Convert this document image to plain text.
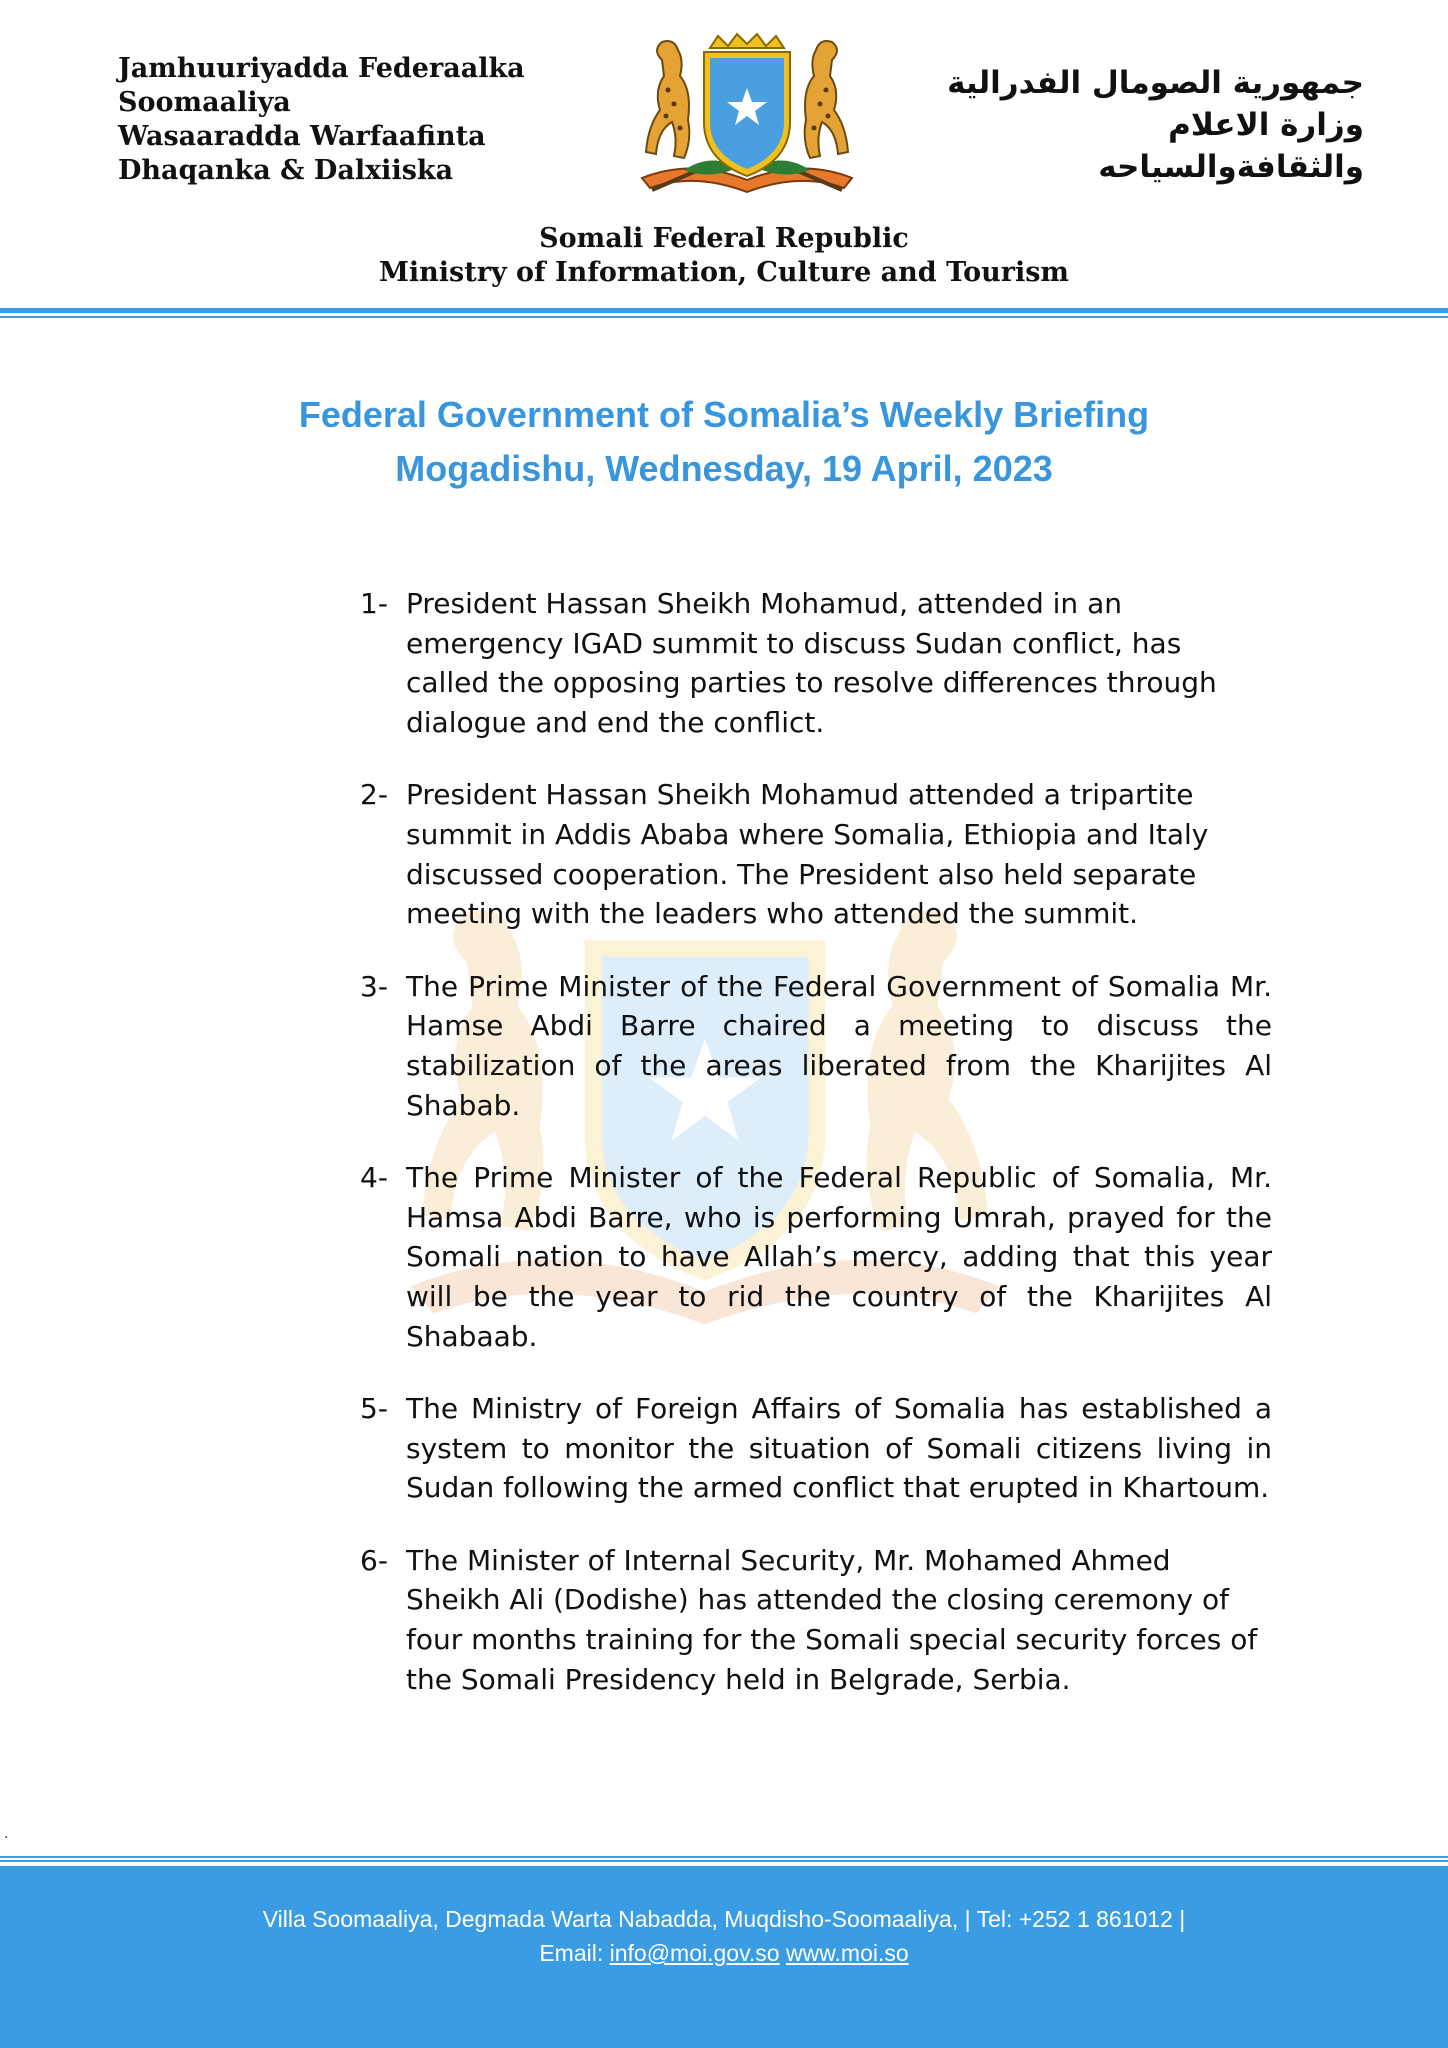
Jamhuuriyadda Federaalka
Soomaaliya
Wasaaradda Warfaafinta
Dhaqanka & Dalxiiska
جمهورية الصومال الفدرالية
وزارة الاعلام
والثقافةوالسياحه
Somali Federal Republic
Ministry of Information, Culture and Tourism
Federal Government of Somalia’s Weekly Briefing
Mogadishu, Wednesday, 19 April, 2023
1- President Hassan Sheikh Mohamud, attended in an emergency IGAD summit to discuss Sudan conflict, has called the opposing parties to resolve differences through dialogue and end the conflict.
2- President Hassan Sheikh Mohamud attended a tripartite summit in Addis Ababa where Somalia, Ethiopia and Italy discussed cooperation. The President also held separate meeting with the leaders who attended the summit.
3- The Prime Minister of the Federal Government of Somalia Mr. Hamse Abdi Barre chaired a meeting to discuss the stabilization of the areas liberated from the Kharijites Al Shabab.
4- The Prime Minister of the Federal Republic of Somalia, Mr. Hamsa Abdi Barre, who is performing Umrah, prayed for the Somali nation to have Allah’s mercy, adding that this year will be the year to rid the country of the Kharijites Al Shabaab.
5- The Ministry of Foreign Affairs of Somalia has established a system to monitor the situation of Somali citizens living in Sudan following the armed conflict that erupted in Khartoum.
6- The Minister of Internal Security, Mr. Mohamed Ahmed Sheikh Ali (Dodishe) has attended the closing ceremony of four months training for the Somali special security forces of the Somali Presidency held in Belgrade, Serbia.
.
Villa Soomaaliya, Degmada Warta Nabadda, Muqdisho-Soomaaliya, | Tel: +252 1 861012 |
Email: info@moi.gov.so www.moi.so
